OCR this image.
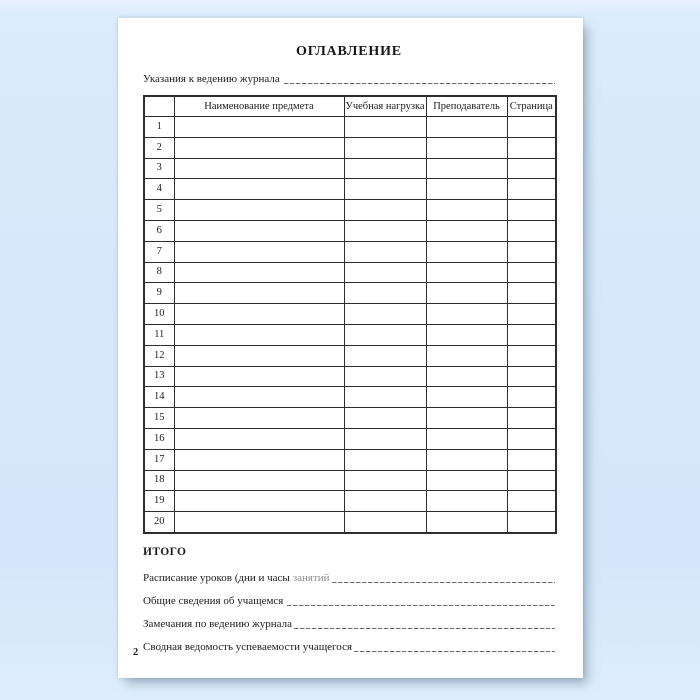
ОГЛАВЛЕНИЕ
Указания к ведению журнала
	Наименование предмета	Учебная нагрузка	Преподаватель	Страница
1				
2				
3				
4				
5				
6				
7				
8				
9				
10				
11				
12				
13				
14				
15				
16				
17				
18				
19				
20				
ИТОГО
Расписание уроков (дни и часы занятий
Общие сведения об учащемся
Замечания по ведению журнала
Сводная ведомость успеваемости учащегося
2
